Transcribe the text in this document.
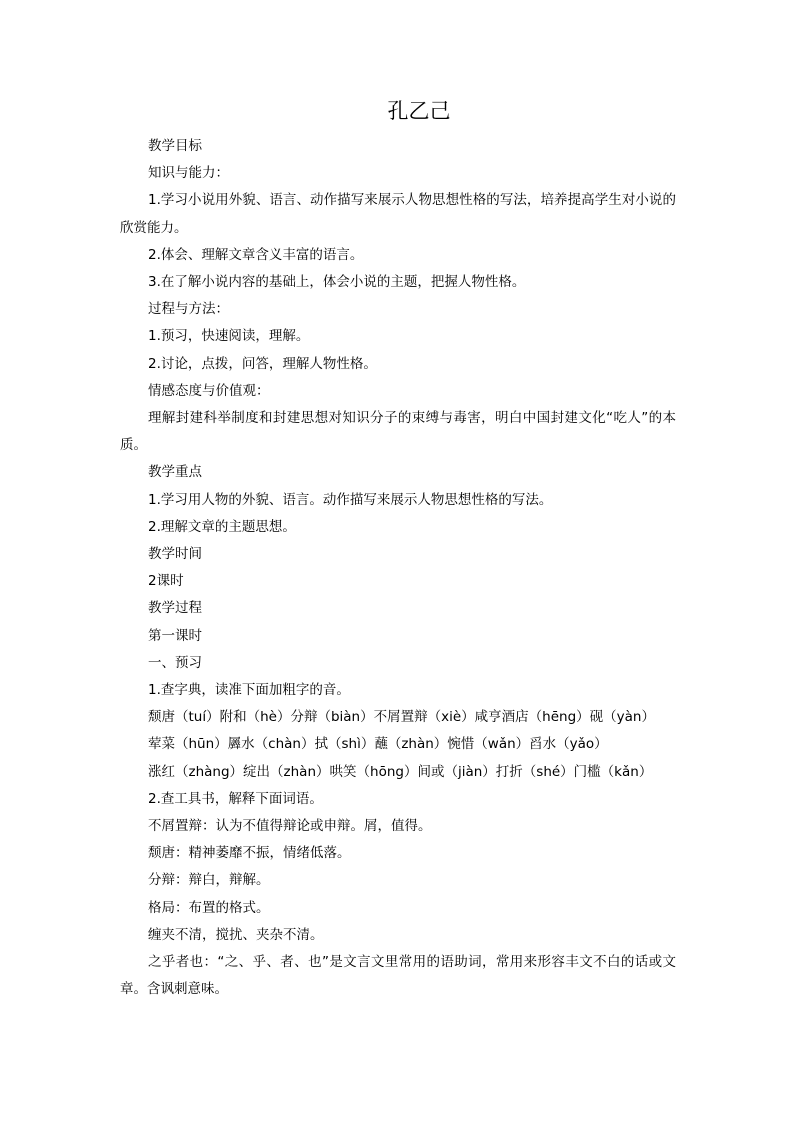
孔乙己

教学目标

知识与能力：

1.学习小说用外貌、语言、动作描写来展示人物思想性格的写法，培养提高学生对小说的欣赏能力。

2.体会、理解文章含义丰富的语言。

3.在了解小说内容的基础上，体会小说的主题，把握人物性格。

过程与方法：

1.预习，快速阅读，理解。

2.讨论，点拨，问答，理解人物性格。

情感态度与价值观：

理解封建科举制度和封建思想对知识分子的束缚与毒害，明白中国封建文化“吃人”的本质。

教学重点

1.学习用人物的外貌、语言。动作描写来展示人物思想性格的写法。

2.理解文章的主题思想。

教学时间

2课时

教学过程

第一课时

一、预习

1.查字典，读准下面加粗字的音。

颓唐（tuí）附和（hè）分辩（biàn）不屑置辩（xiè）咸亨酒店（hēng）砚（yàn）

荤菜（hūn）羼水（chàn）拭（shì）蘸（zhàn）惋惜（wǎn）舀水（yǎo）

涨红（zhàng）绽出（zhàn）哄笑（hōng）间或（jiàn）打折（shé）门槛（kǎn）

2.查工具书，解释下面词语。

不屑置辩：认为不值得辩论或申辩。屑，值得。

颓唐：精神萎靡不振，情绪低落。

分辩：辩白，辩解。

格局：布置的格式。

缠夹不清，搅扰、夹杂不清。

之乎者也：“之、乎、者、也”是文言文里常用的语助词，常用来形容丰文不白的话或文章。含讽刺意味。
